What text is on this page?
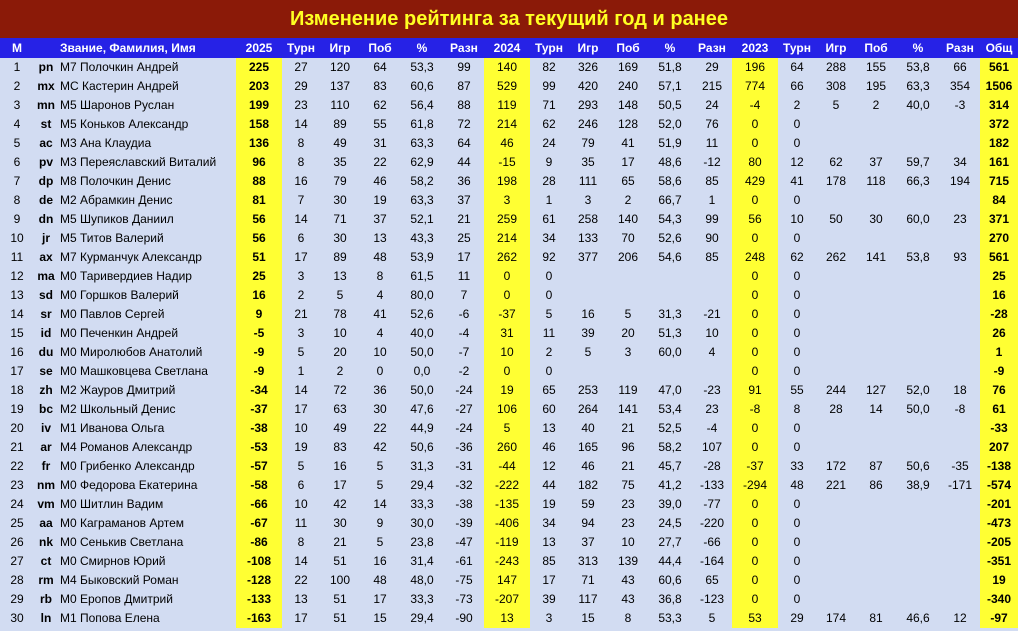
Изменение рейтинга за текущий год и ранее
М		Звание, Фамилия, Имя	2025	Турн	Игр	Поб	%	Разн	2024	Турн	Игр	Поб	%	Разн	2023	Турн	Игр	Поб	%	Разн	Общ
1	pn	М7 Полочкин Андрей	225	27	120	64	53,3	99	140	82	326	169	51,8	29	196	64	288	155	53,8	66	561
2	mx	МС Кастерин Андрей	203	29	137	83	60,6	87	529	99	420	240	57,1	215	774	66	308	195	63,3	354	1506
3	mn	М5 Шаронов Руслан	199	23	110	62	56,4	88	119	71	293	148	50,5	24	-4	2	5	2	40,0	-3	314
4	st	М5 Коньков Александр	158	14	89	55	61,8	72	214	62	246	128	52,0	76	0	0					372
5	ac	М3 Ана Клаудиа	136	8	49	31	63,3	64	46	24	79	41	51,9	11	0	0					182
6	pv	М3 Переяславский Виталий	96	8	35	22	62,9	44	-15	9	35	17	48,6	-12	80	12	62	37	59,7	34	161
7	dp	М8 Полочкин Денис	88	16	79	46	58,2	36	198	28	111	65	58,6	85	429	41	178	118	66,3	194	715
8	de	М2 Абрамкин Денис	81	7	30	19	63,3	37	3	1	3	2	66,7	1	0	0					84
9	dn	М5 Шупиков Даниил	56	14	71	37	52,1	21	259	61	258	140	54,3	99	56	10	50	30	60,0	23	371
10	jr	М5 Титов Валерий	56	6	30	13	43,3	25	214	34	133	70	52,6	90	0	0					270
11	ax	М7 Курманчук Александр	51	17	89	48	53,9	17	262	92	377	206	54,6	85	248	62	262	141	53,8	93	561
12	ma	М0 Таривердиев Надир	25	3	13	8	61,5	11	0	0					0	0					25
13	sd	М0 Горшков Валерий	16	2	5	4	80,0	7	0	0					0	0					16
14	sr	М0 Павлов Сергей	9	21	78	41	52,6	-6	-37	5	16	5	31,3	-21	0	0					-28
15	id	М0 Печенкин Андрей	-5	3	10	4	40,0	-4	31	11	39	20	51,3	10	0	0					26
16	du	М0 Миролюбов Анатолий	-9	5	20	10	50,0	-7	10	2	5	3	60,0	4	0	0					1
17	se	М0 Машковцева Светлана	-9	1	2	0	0,0	-2	0	0					0	0					-9
18	zh	М2 Жауров Дмитрий	-34	14	72	36	50,0	-24	19	65	253	119	47,0	-23	91	55	244	127	52,0	18	76
19	bc	М2 Школьный Денис	-37	17	63	30	47,6	-27	106	60	264	141	53,4	23	-8	8	28	14	50,0	-8	61
20	iv	М1 Иванова Ольга	-38	10	49	22	44,9	-24	5	13	40	21	52,5	-4	0	0					-33
21	ar	М4 Романов Александр	-53	19	83	42	50,6	-36	260	46	165	96	58,2	107	0	0					207
22	fr	М0 Грибенко Александр	-57	5	16	5	31,3	-31	-44	12	46	21	45,7	-28	-37	33	172	87	50,6	-35	-138
23	nm	М0 Федорова Екатерина	-58	6	17	5	29,4	-32	-222	44	182	75	41,2	-133	-294	48	221	86	38,9	-171	-574
24	vm	М0 Шитлин Вадим	-66	10	42	14	33,3	-38	-135	19	59	23	39,0	-77	0	0					-201
25	aa	М0 Каграманов Артем	-67	11	30	9	30,0	-39	-406	34	94	23	24,5	-220	0	0					-473
26	nk	М0 Сенькив Светлана	-86	8	21	5	23,8	-47	-119	13	37	10	27,7	-66	0	0					-205
27	ct	М0 Смирнов Юрий	-108	14	51	16	31,4	-61	-243	85	313	139	44,4	-164	0	0					-351
28	rm	М4 Быковский Роман	-128	22	100	48	48,0	-75	147	17	71	43	60,6	65	0	0					19
29	rb	М0 Еропов Дмитрий	-133	13	51	17	33,3	-73	-207	39	117	43	36,8	-123	0	0					-340
30	ln	М1 Попова Елена	-163	17	51	15	29,4	-90	13	3	15	8	53,3	5	53	29	174	81	46,6	12	-97
